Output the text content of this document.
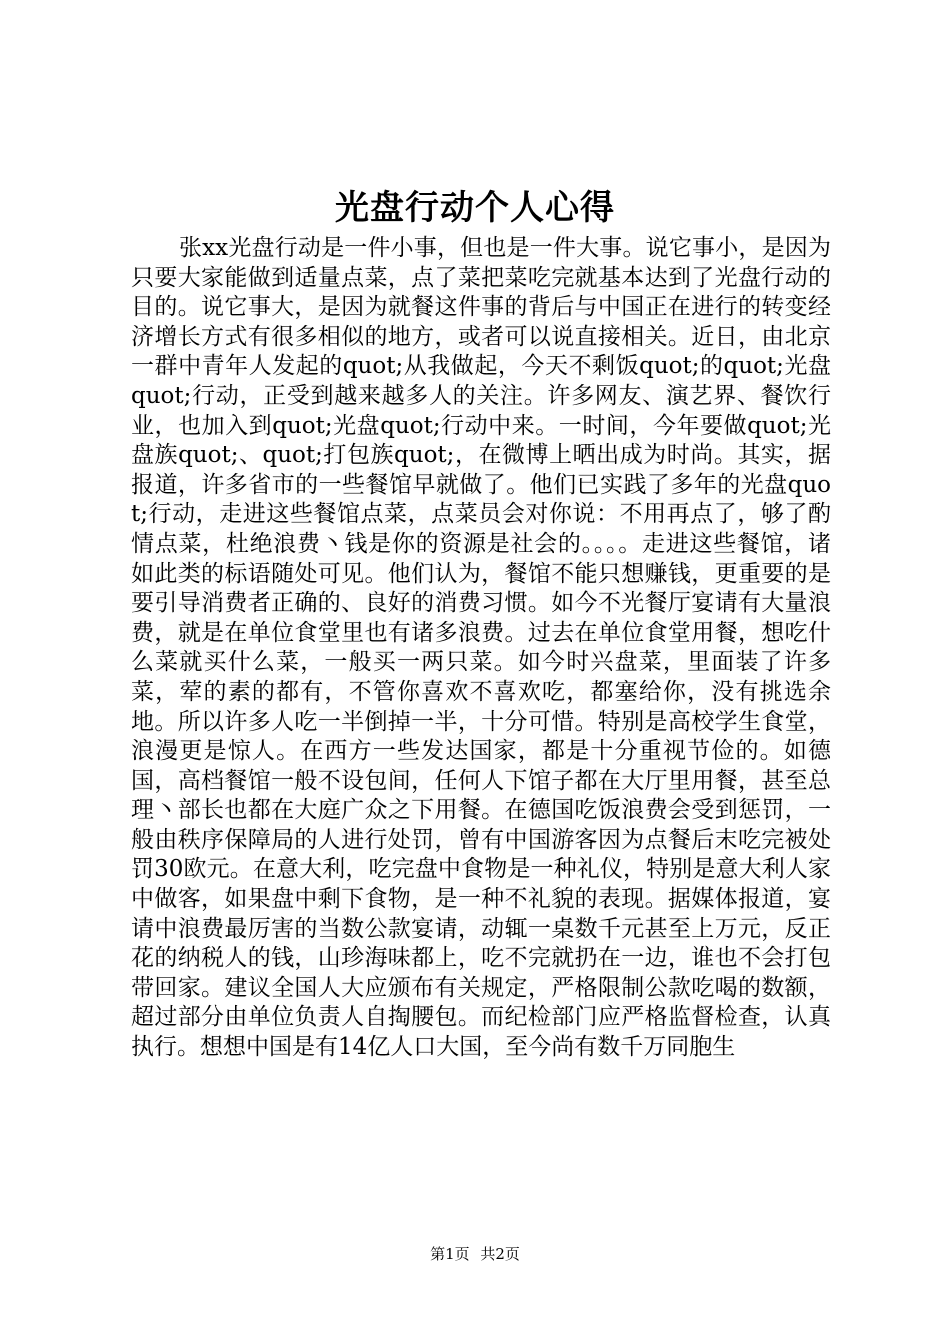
光盘行动个人心得

张xx光盘行动是一件小事，但也是一件大事。说它事小，是因为只要大家能做到适量点菜，点了菜把菜吃完就基本达到了光盘行动的目的。说它事大，是因为就餐这件事的背后与中国正在进行的转变经济增长方式有很多相似的地方，或者可以说直接相关。近日，由北京一群中青年人发起的quot;从我做起，今天不剩饭quot;的quot;光盘quot;行动，正受到越来越多人的关注。许多网友、演艺界、餐饮行业，也加入到quot;光盘quot;行动中来。一时间，今年要做quot;光盘族quot;、quot;打包族quot;，在微博上晒出成为时尚。其实，据报道，许多省市的一些餐馆早就做了。他们已实践了多年的光盘quot;行动，走进这些餐馆点菜，点菜员会对你说：不用再点了，够了酌情点菜，杜绝浪费丶钱是你的资源是社会的。。。。走进这些餐馆，诸如此类的标语随处可见。他们认为，餐馆不能只想赚钱，更重要的是要引导消费者正确的、良好的消费习惯。如今不光餐厅宴请有大量浪费，就是在单位食堂里也有诸多浪费。过去在单位食堂用餐，想吃什么菜就买什么菜，一般买一两只菜。如今时兴盘菜，里面装了许多菜，荤的素的都有，不管你喜欢不喜欢吃，都塞给你，没有挑选余地。所以许多人吃一半倒掉一半，十分可惜。特别是高校学生食堂，浪漫更是惊人。在西方一些发达国家，都是十分重视节俭的。如德国，高档餐馆一般不设包间，任何人下馆子都在大厅里用餐，甚至总理丶部长也都在大庭广众之下用餐。在德国吃饭浪费会受到惩罚，一般由秩序保障局的人进行处罚，曾有中国游客因为点餐后末吃完被处罚30欧元。在意大利，吃完盘中食物是一种礼仪，特别是意大利人家中做客，如果盘中剩下食物，是一种不礼貌的表现。据媒体报道，宴请中浪费最厉害的当数公款宴请，动辄一桌数千元甚至上万元，反正花的纳税人的钱，山珍海味都上，吃不完就扔在一边，谁也不会打包带回家。建议全国人大应颁布有关规定，严格限制公款吃喝的数额，超过部分由单位负责人自掏腰包。而纪检部门应严格监督检查，认真执行。想想中国是有14亿人口大国，至今尚有数千万同胞生

第1页 共2页
